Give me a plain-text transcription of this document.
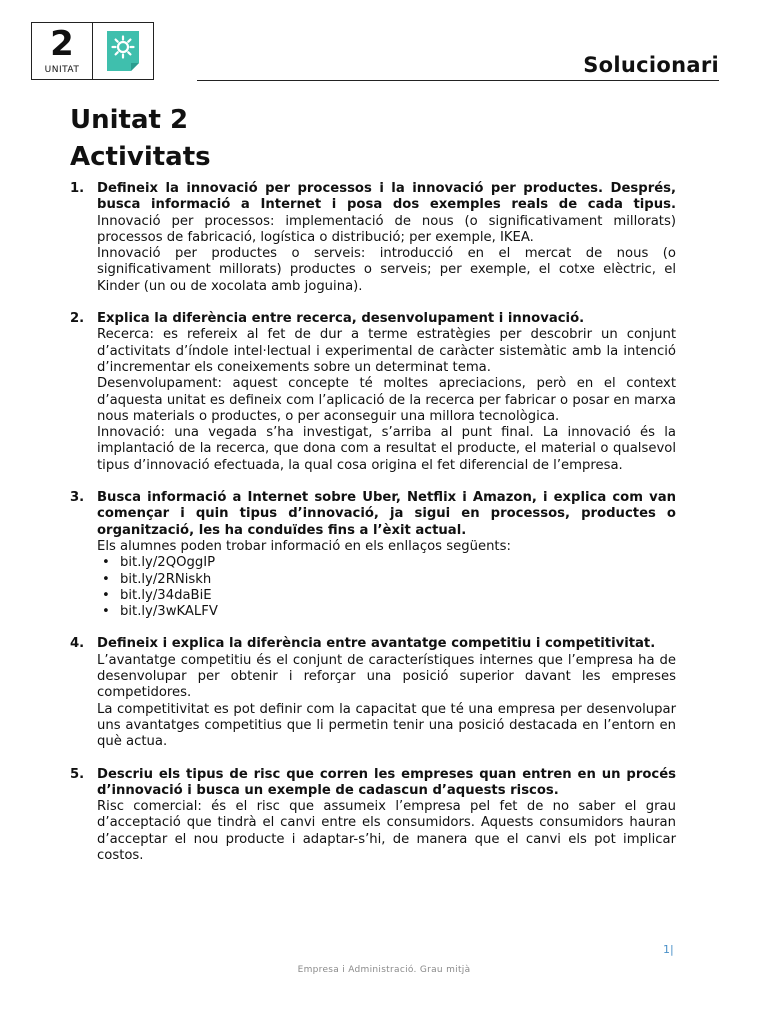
2
UNITAT	Solucionari
Unitat 2
Activitats
1. Defineix la innovació per processos i la innovació per productes. Després, busca informació a Internet i posa dos exemples reals de cada tipus.
Innovació per processos: implementació de nous (o significativament millorats) processos de fabricació, logística o distribució; per exemple, IKEA.
Innovació per productes o serveis: introducció en el mercat de nous (o significativament millorats) productes o serveis; per exemple, el cotxe elèctric, el Kinder (un ou de xocolata amb joguina).
2. Explica la diferència entre recerca, desenvolupament i innovació.
Recerca: es refereix al fet de dur a terme estratègies per descobrir un conjunt d’activitats d’índole intel·lectual i experimental de caràcter sistemàtic amb la intenció d’incrementar els coneixements sobre un determinat tema.
Desenvolupament: aquest concepte té moltes apreciacions, però en el context d’aquesta unitat es defineix com l’aplicació de la recerca per fabricar o posar en marxa nous materials o productes, o per aconseguir una millora tecnològica.
Innovació: una vegada s’ha investigat, s’arriba al punt final. La innovació és la implantació de la recerca, que dona com a resultat el producte, el material o qualsevol tipus d’innovació efectuada, la qual cosa origina el fet diferencial de l’empresa.
3. Busca informació a Internet sobre Uber, Netflix i Amazon, i explica com van començar i quin tipus d’innovació, ja sigui en processos, productes o organització, les ha conduïdes fins a l’èxit actual.
Els alumnes poden trobar informació en els enllaços següents:
• bit.ly/2QOggIP
• bit.ly/2RNiskh
• bit.ly/34daBiE
• bit.ly/3wKALFV
4. Defineix i explica la diferència entre avantatge competitiu i competitivitat.
L’avantatge competitiu és el conjunt de característiques internes que l’empresa ha de desenvolupar per obtenir i reforçar una posició superior davant les empreses competidores.
La competitivitat es pot definir com la capacitat que té una empresa per desenvolupar uns avantatges competitius que li permetin tenir una posició destacada en l’entorn en què actua.
5. Descriu els tipus de risc que corren les empreses quan entren en un procés d’innovació i busca un exemple de cadascun d’aquests riscos.
Risc comercial: és el risc que assumeix l’empresa pel fet de no saber el grau d’acceptació que tindrà el canvi entre els consumidors. Aquests consumidors hauran d’acceptar el nou producte i adaptar-s’hi, de manera que el canvi els pot implicar costos.
1|
Empresa i Administració. Grau mitjà
